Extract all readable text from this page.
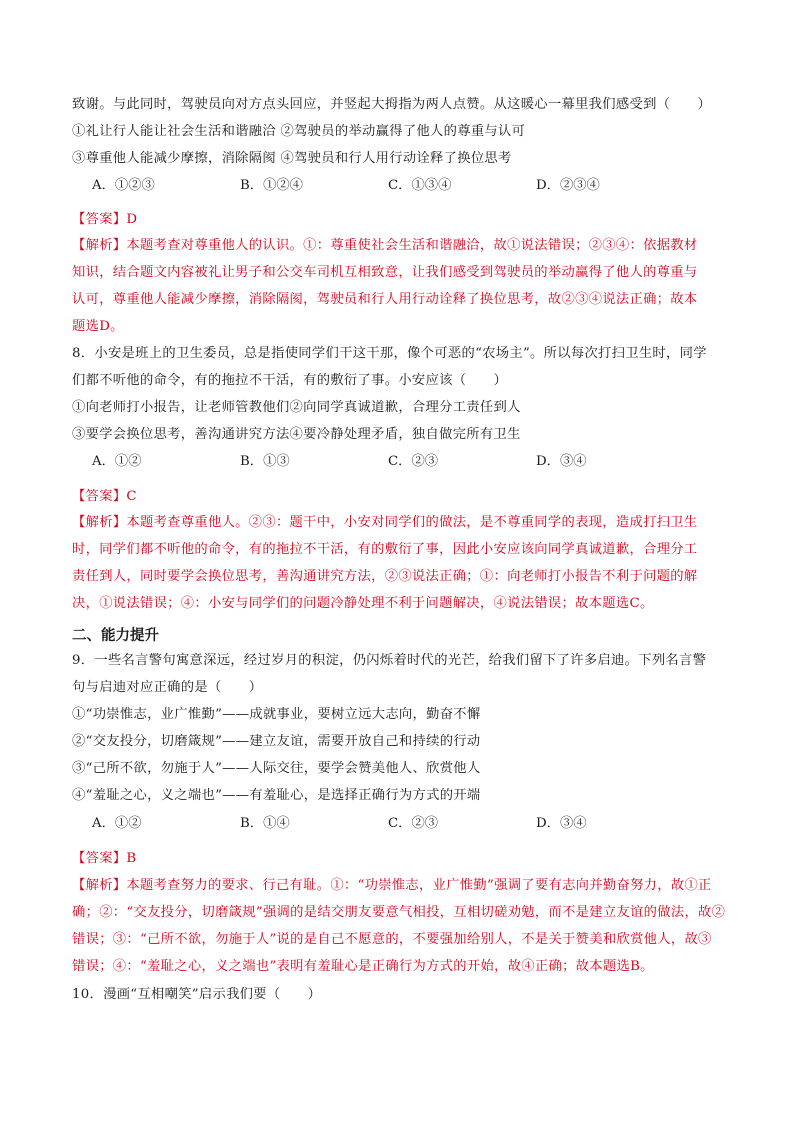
致谢。与此同时，驾驶员向对方点头回应，并竖起大拇指为两人点赞。从这暖心一幕里我们感受到（　　）
①礼让行人能让社会生活和谐融洽 ②驾驶员的举动赢得了他人的尊重与认可
③尊重他人能减少摩擦，消除隔阂 ④驾驶员和行人用行动诠释了换位思考
A．①②③	B．①②④	C．①③④	D．②③④
【答案】D
【解析】本题考查对尊重他人的认识。①：尊重使社会生活和谐融洽，故①说法错误；②③④：依据教材
知识，结合题文内容被礼让男子和公交车司机互相致意，让我们感受到驾驶员的举动赢得了他人的尊重与
认可，尊重他人能减少摩擦，消除隔阂，驾驶员和行人用行动诠释了换位思考，故②③④说法正确；故本
题选D。
8．小安是班上的卫生委员，总是指使同学们干这干那，像个可恶的“农场主”。所以每次打扫卫生时，同学
们都不听他的命令，有的拖拉不干活，有的敷衍了事。小安应该（　　）
①向老师打小报告，让老师管教他们②向同学真诚道歉，合理分工责任到人
③要学会换位思考，善沟通讲究方法④要冷静处理矛盾，独自做完所有卫生
A．①②	B．①③	C．②③	D．③④
【答案】C
【解析】本题考查尊重他人。②③：题干中，小安对同学们的做法，是不尊重同学的表现，造成打扫卫生
时，同学们都不听他的命令，有的拖拉不干活，有的敷衍了事，因此小安应该向同学真诚道歉，合理分工
责任到人，同时要学会换位思考，善沟通讲究方法，②③说法正确；①：向老师打小报告不利于问题的解
决，①说法错误；④：小安与同学们的问题冷静处理不利于问题解决，④说法错误；故本题选C。
二、能力提升
9．一些名言警句寓意深远，经过岁月的积淀，仍闪烁着时代的光芒，给我们留下了许多启迪。下列名言警
句与启迪对应正确的是（　　）
①“功崇惟志，业广惟勤”——成就事业，要树立远大志向，勤奋不懈
②“交友投分，切磨箴规”——建立友谊，需要开放自己和持续的行动
③“己所不欲，勿施于人”——人际交往，要学会赞美他人、欣赏他人
④“羞耻之心，义之端也”——有羞耻心，是选择正确行为方式的开端
A．①②	B．①④	C．②③	D．③④
【答案】B
【解析】本题考查努力的要求、行己有耻。①：“功崇惟志，业广惟勤”强调了要有志向并勤奋努力，故①正
确；②：“交友投分，切磨箴规”强调的是结交朋友要意气相投，互相切磋劝勉，而不是建立友谊的做法，故②
错误；③：“己所不欲，勿施于人”说的是自己不愿意的，不要强加给别人，不是关于赞美和欣赏他人，故③
错误；④：“羞耻之心，义之端也”表明有羞耻心是正确行为方式的开始，故④正确；故本题选B。
10．漫画“互相嘲笑”启示我们要（　　）
